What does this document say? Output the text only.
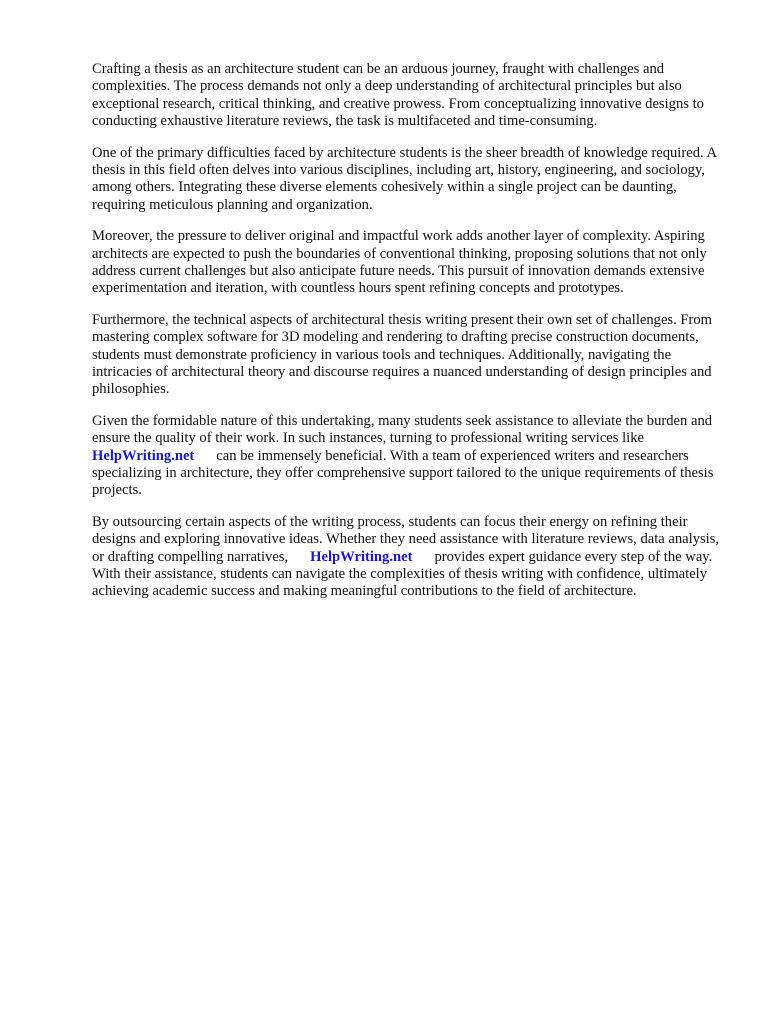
Crafting a thesis as an architecture student can be an arduous journey, fraught with challenges and complexities. The process demands not only a deep understanding of architectural principles but also exceptional research, critical thinking, and creative prowess. From conceptualizing innovative designs to conducting exhaustive literature reviews, the task is multifaceted and time-consuming.

One of the primary difficulties faced by architecture students is the sheer breadth of knowledge required. A thesis in this field often delves into various disciplines, including art, history, engineering, and sociology, among others. Integrating these diverse elements cohesively within a single project can be daunting, requiring meticulous planning and organization.

Moreover, the pressure to deliver original and impactful work adds another layer of complexity. Aspiring architects are expected to push the boundaries of conventional thinking, proposing solutions that not only address current challenges but also anticipate future needs. This pursuit of innovation demands extensive experimentation and iteration, with countless hours spent refining concepts and prototypes.

Furthermore, the technical aspects of architectural thesis writing present their own set of challenges. From mastering complex software for 3D modeling and rendering to drafting precise construction documents, students must demonstrate proficiency in various tools and techniques. Additionally, navigating the intricacies of architectural theory and discourse requires a nuanced understanding of design principles and philosophies.

Given the formidable nature of this undertaking, many students seek assistance to alleviate the burden and ensure the quality of their work. In such instances, turning to professional writing services likeHelpWriting.net can be immensely beneficial. With a team of experienced writers and researchers specializing in architecture, they offer comprehensive support tailored to the unique requirements of thesis projects.

By outsourcing certain aspects of the writing process, students can focus their energy on refining their designs and exploring innovative ideas. Whether they need assistance with literature reviews, data analysis, or drafting compelling narratives, HelpWriting.net provides expert guidance every step of the way. With their assistance, students can navigate the complexities of thesis writing with confidence, ultimately achieving academic success and making meaningful contributions to the field of architecture.
